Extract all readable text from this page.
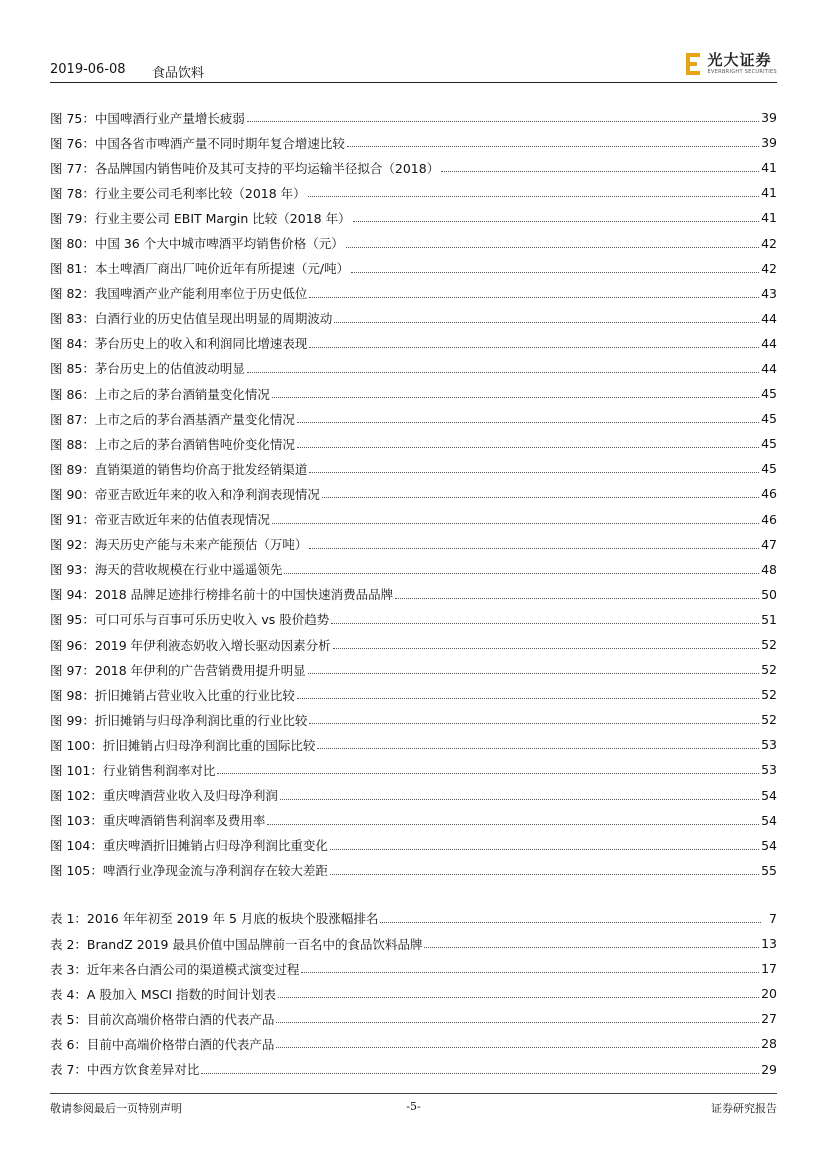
2019-06-08 食品饮料
光大证券
EVERBRIGHT SECURITIES
图 75：中国啤酒行业产量增长疲弱	39
图 76：中国各省市啤酒产量不同时期年复合增速比较	39
图 77：各品牌国内销售吨价及其可支持的平均运输半径拟合（2018）	41
图 78：行业主要公司毛利率比较（2018 年）	41
图 79：行业主要公司 EBIT Margin 比较（2018 年）	41
图 80：中国 36 个大中城市啤酒平均销售价格（元）	42
图 81：本土啤酒厂商出厂吨价近年有所提速（元/吨）	42
图 82：我国啤酒产业产能利用率位于历史低位	43
图 83：白酒行业的历史估值呈现出明显的周期波动	44
图 84：茅台历史上的收入和利润同比增速表现	44
图 85：茅台历史上的估值波动明显	44
图 86：上市之后的茅台酒销量变化情况	45
图 87：上市之后的茅台酒基酒产量变化情况	45
图 88：上市之后的茅台酒销售吨价变化情况	45
图 89：直销渠道的销售均价高于批发经销渠道	45
图 90：帝亚吉欧近年来的收入和净利润表现情况	46
图 91：帝亚吉欧近年来的估值表现情况	46
图 92：海天历史产能与未来产能预估（万吨）	47
图 93：海天的营收规模在行业中遥遥领先	48
图 94：2018 品牌足迹排行榜排名前十的中国快速消费品品牌	50
图 95：可口可乐与百事可乐历史收入 vs 股价趋势	51
图 96：2019 年伊利液态奶收入增长驱动因素分析	52
图 97：2018 年伊利的广告营销费用提升明显	52
图 98：折旧摊销占营业收入比重的行业比较	52
图 99：折旧摊销与归母净利润比重的行业比较	52
图 100：折旧摊销占归母净利润比重的国际比较	53
图 101：行业销售利润率对比	53
图 102：重庆啤酒营业收入及归母净利润	54
图 103：重庆啤酒销售利润率及费用率	54
图 104：重庆啤酒折旧摊销占归母净利润比重变化	54
图 105：啤酒行业净现金流与净利润存在较大差距	55
表 1：2016 年年初至 2019 年 5 月底的板块个股涨幅排名	7
表 2：BrandZ 2019 最具价值中国品牌前一百名中的食品饮料品牌	13
表 3：近年来各白酒公司的渠道模式演变过程	17
表 4：A 股加入 MSCI 指数的时间计划表	20
表 5：目前次高端价格带白酒的代表产品	27
表 6：目前中高端价格带白酒的代表产品	28
表 7：中西方饮食差异对比	29
敬请参阅最后一页特别声明	-5-	证券研究报告
